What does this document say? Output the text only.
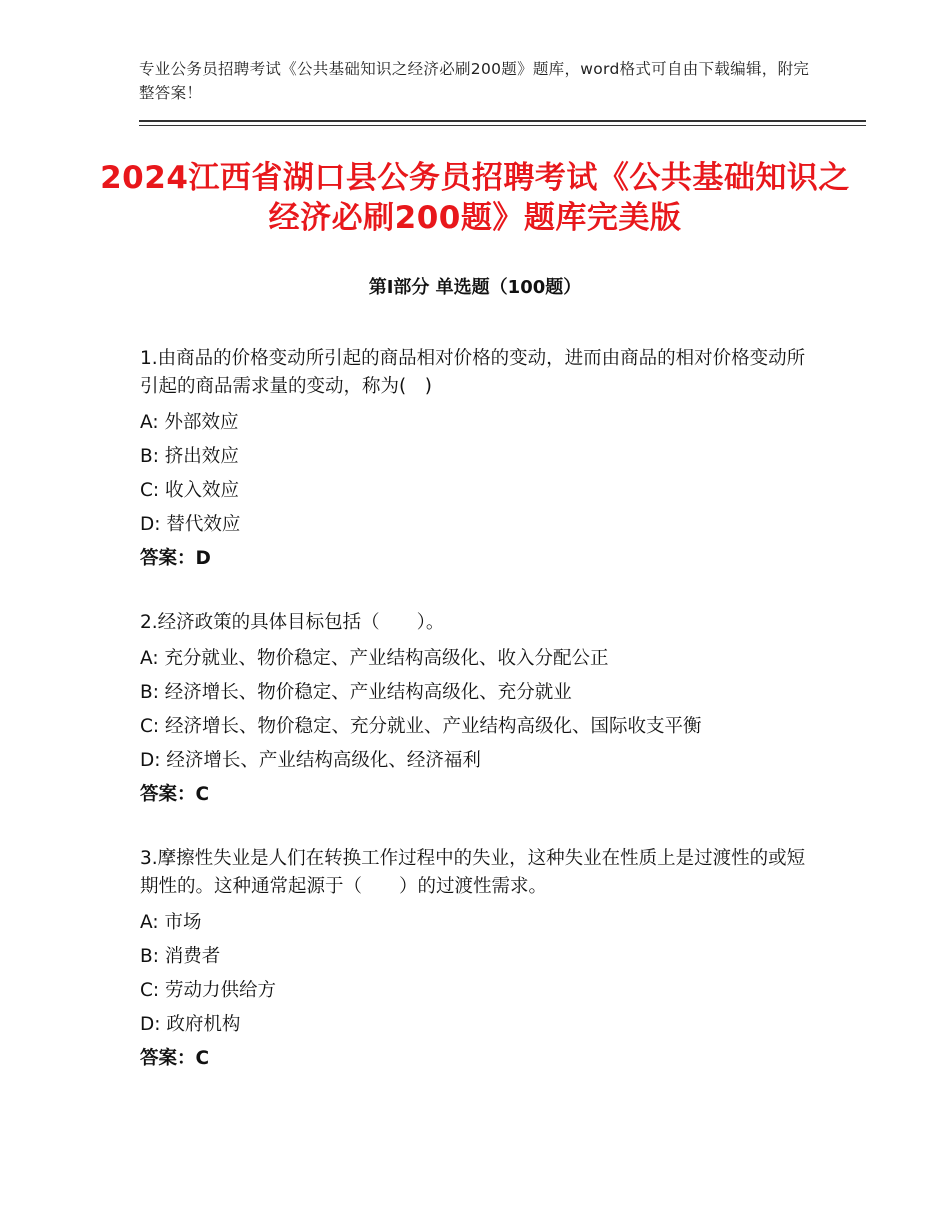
专业公务员招聘考试《公共基础知识之经济必刷200题》题库，word格式可自由下载编辑，附完整答案！
2024江西省湖口县公务员招聘考试《公共基础知识之经济必刷200题》题库完美版
第Ⅰ部分 单选题（100题）

1.由商品的价格变动所引起的商品相对价格的变动，进而由商品的相对价格变动所引起的商品需求量的变动，称为(　)

A: 外部效应
B: 挤出效应
C: 收入效应
D: 替代效应
答案：D

2.经济政策的具体目标包括（　　）。

A: 充分就业、物价稳定、产业结构高级化、收入分配公正
B: 经济增长、物价稳定、产业结构高级化、充分就业
C: 经济增长、物价稳定、充分就业、产业结构高级化、国际收支平衡
D: 经济增长、产业结构高级化、经济福利
答案：C

3.摩擦性失业是人们在转换工作过程中的失业，这种失业在性质上是过渡性的或短期性的。这种通常起源于（　　）的过渡性需求。

A: 市场
B: 消费者
C: 劳动力供给方
D: 政府机构
答案：C
